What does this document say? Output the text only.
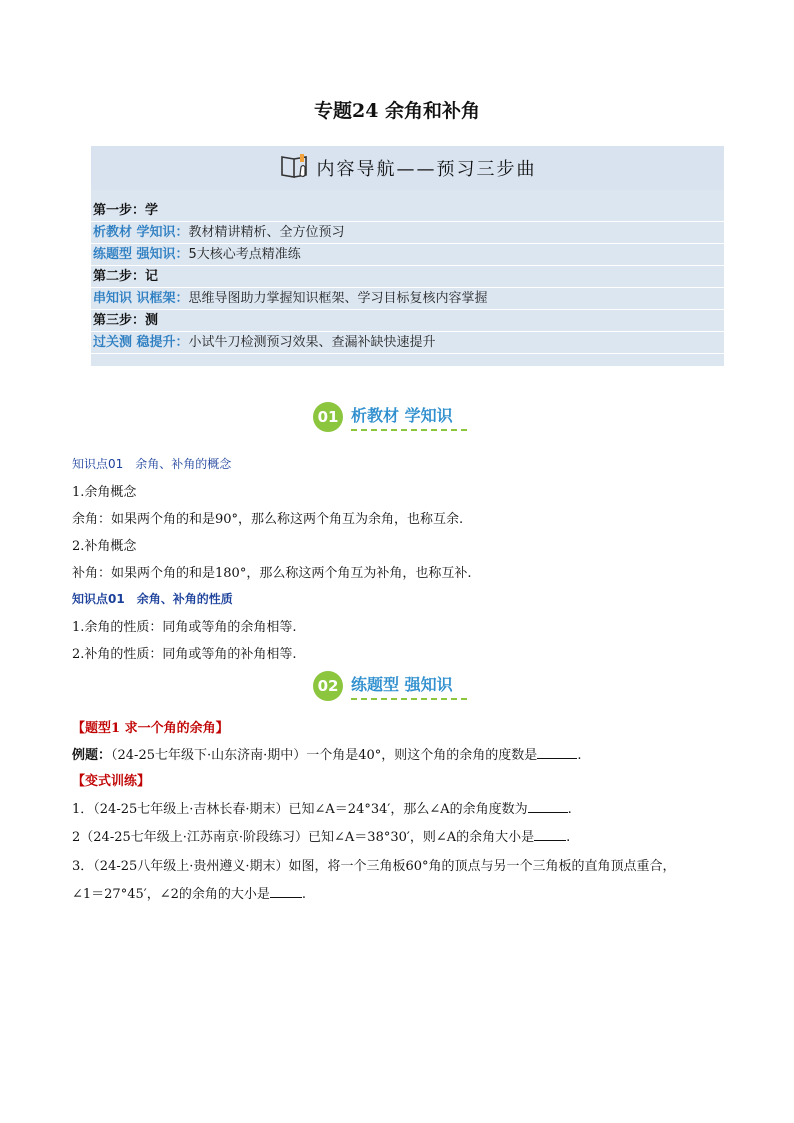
专题24 余角和补角
内容导航——预习三步曲
第一步：学
析教材 学知识：教材精讲精析、全方位预习
练题型 强知识：5大核心考点精准练
第二步：记
串知识 识框架：思维导图助力掌握知识框架、学习目标复核内容掌握
第三步：测
过关测 稳提升：小试牛刀检测预习效果、查漏补缺快速提升
01 析教材 学知识
知识点01　余角、补角的概念
1.余角概念
余角：如果两个角的和是90°，那么称这两个角互为余角，也称互余.
2.补角概念
补角：如果两个角的和是180°，那么称这两个角互为补角，也称互补.
知识点01　余角、补角的性质
1.余角的性质：同角或等角的余角相等.
2.补角的性质：同角或等角的补角相等.
02 练题型 强知识
【题型1 求一个角的余角】
例题：（24-25七年级下·山东济南·期中）一个角是40°，则这个角的余角的度数是	.
【变式训练】
1．（24-25七年级上·吉林长春·期末）已知∠A＝24°34′，那么∠A的余角度数为	.
2（24-25七年级上·江苏南京·阶段练习）已知∠A＝38°30′，则∠A的余角大小是 .
3．（24-25八年级上·贵州遵义·期末）如图，将一个三角板60°角的顶点与另一个三角板的直角顶点重合，
∠1＝27°45′，∠2的余角的大小是 .
